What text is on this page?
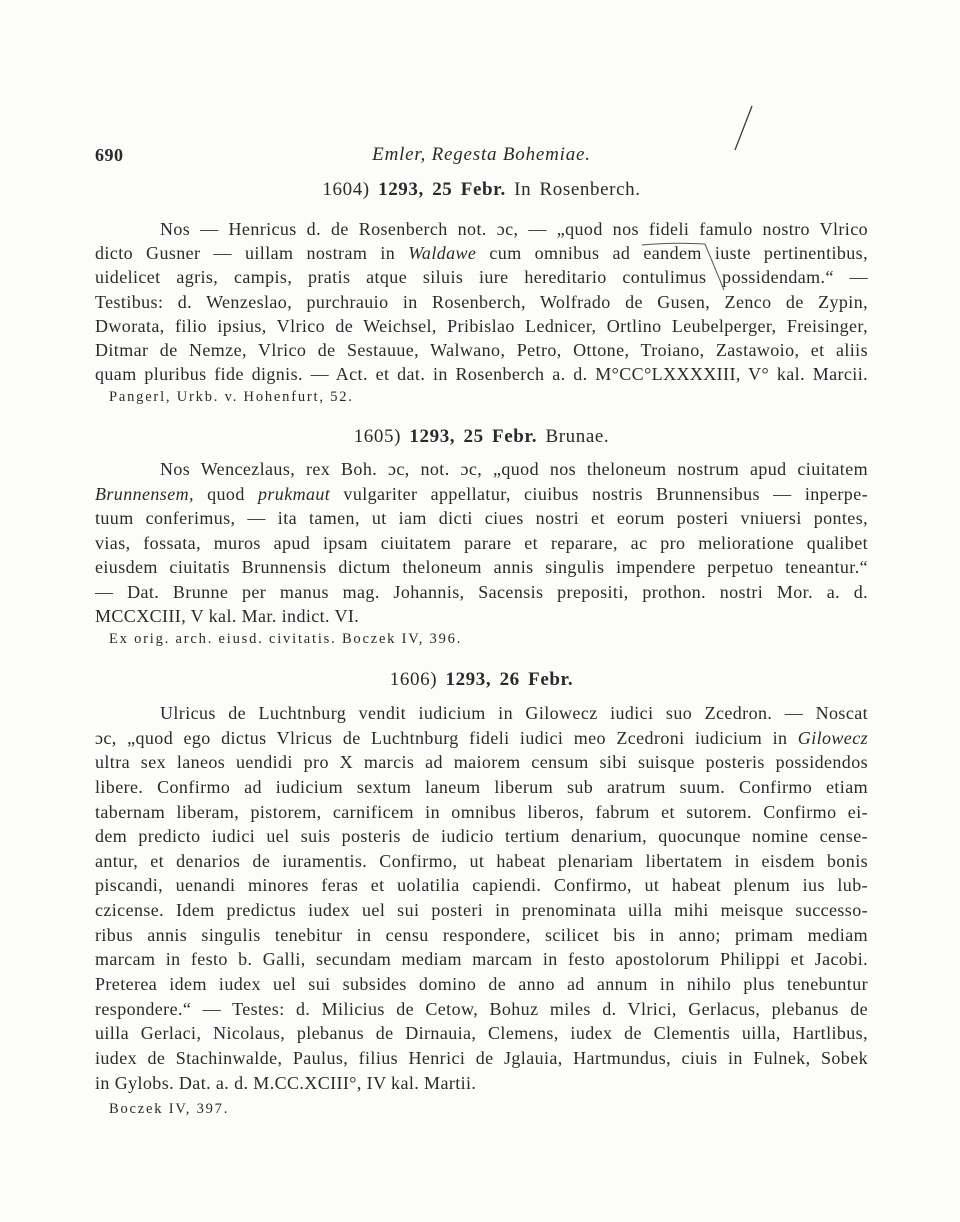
690	Emler, Regesta Bohemiae.
1604) 1293, 25 Febr. In Rosenberch.
Nos — Henricus d. de Rosenberch not. ɔc, — „quod nos fideli famulo nostro Vlrico
dicto Gusner — uillam nostram in Waldawe cum omnibus ad eandem iuste pertinentibus,
uidelicet agris, campis, pratis atque siluis iure hereditario contulimus possidendam.“ —
Testibus: d. Wenzeslao, purchrauio in Rosenberch, Wolfrado de Gusen, Zenco de Zypin,
Dworata, filio ipsius, Vlrico de Weichsel, Pribislao Lednicer, Ortlino Leubelperger, Freisinger,
Ditmar de Nemze, Vlrico de Sestauue, Walwano, Petro, Ottone, Troiano, Zastawoio, et aliis
quam pluribus fide dignis. — Act. et dat. in Rosenberch a. d. M°CC°LXXXXIII, V° kal. Marcii.
Pangerl, Urkb. v. Hohenfurt, 52.
1605) 1293, 25 Febr. Brunae.
Nos Wencezlaus, rex Boh. ɔc, not. ɔc, „quod nos theloneum nostrum apud ciuitatem
Brunnensem, quod prukmaut vulgariter appellatur, ciuibus nostris Brunnensibus — inperpe-
tuum conferimus, — ita tamen, ut iam dicti ciues nostri et eorum posteri vniuersi pontes,
vias, fossata, muros apud ipsam ciuitatem parare et reparare, ac pro melioratione qualibet
eiusdem ciuitatis Brunnensis dictum theloneum annis singulis impendere perpetuo teneantur.“
— Dat. Brunne per manus mag. Johannis, Sacensis prepositi, prothon. nostri Mor. a. d.
MCCXCIII, V kal. Mar. indict. VI.
Ex orig. arch. eiusd. civitatis. Boczek IV, 396.
1606) 1293, 26 Febr.
Ulricus de Luchtnburg vendit iudicium in Gilowecz iudici suo Zcedron. — Noscat
ɔc, „quod ego dictus Vlricus de Luchtnburg fideli iudici meo Zcedroni iudicium in Gilowecz
ultra sex laneos uendidi pro X marcis ad maiorem censum sibi suisque posteris possidendos
libere. Confirmo ad iudicium sextum laneum liberum sub aratrum suum. Confirmo etiam
tabernam liberam, pistorem, carnificem in omnibus liberos, fabrum et sutorem. Confirmo ei-
dem predicto iudici uel suis posteris de iudicio tertium denarium, quocunque nomine cense-
antur, et denarios de iuramentis. Confirmo, ut habeat plenariam libertatem in eisdem bonis
piscandi, uenandi minores feras et uolatilia capiendi. Confirmo, ut habeat plenum ius lub-
czicense. Idem predictus iudex uel sui posteri in prenominata uilla mihi meisque successo-
ribus annis singulis tenebitur in censu respondere, scilicet bis in anno; primam mediam
marcam in festo b. Galli, secundam mediam marcam in festo apostolorum Philippi et Jacobi.
Preterea idem iudex uel sui subsides domino de anno ad annum in nihilo plus tenebuntur
respondere.“ — Testes: d. Milicius de Cetow, Bohuz miles d. Vlrici, Gerlacus, plebanus de
uilla Gerlaci, Nicolaus, plebanus de Dirnauia, Clemens, iudex de Clementis uilla, Hartlibus,
iudex de Stachinwalde, Paulus, filius Henrici de Jglauia, Hartmundus, ciuis in Fulnek, Sobek
in Gylobs. Dat. a. d. M.CC.XCIII°, IV kal. Martii.
Boczek IV, 397.
